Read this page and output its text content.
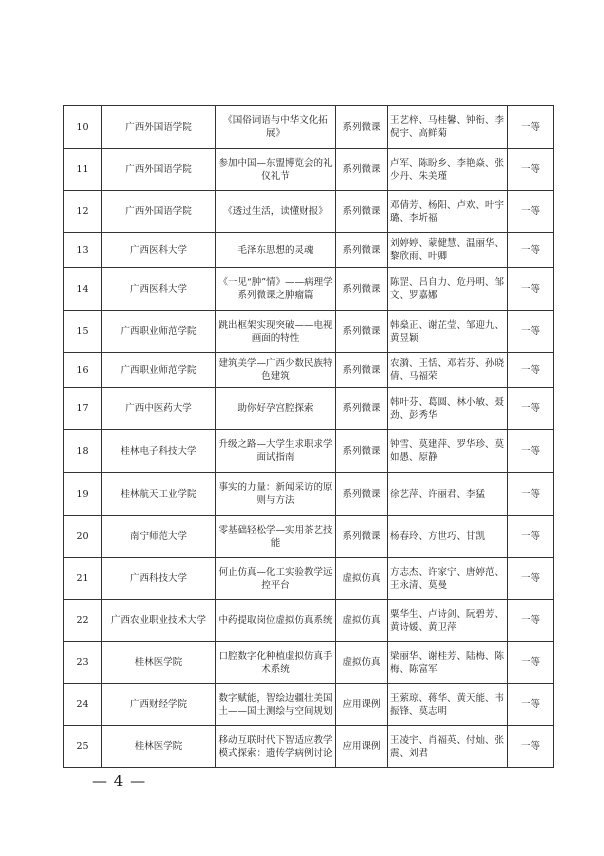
10	广西外国语学院	《国俗词语与中华文化拓展》	系列微课	王艺梓、马桂馨、钟衔、李倪宇、高鲜菊	一等
11	广西外国语学院	参加中国—东盟博览会的礼仪礼节	系列微课	卢军、陈盼乡、李艳焱、张少丹、朱美瑾	一等
12	广西外国语学院	《透过生活，读懂财报》	系列微课	邓倩芳、杨阳、卢欢、叶宇璐、李圻福	一等
13	广西医科大学	毛泽东思想的灵魂	系列微课	刘婷婷、蒙健慧、温丽华、黎欣雨、叶卿	一等
14	广西医科大学	《一见“肿”情》——病理学系列微课之肿瘤篇	系列微课	陈罡、吕自力、危丹明、邹文、罗嘉娜	一等
15	广西职业师范学院	跳出框架实现突破——电视画面的特性	系列微课	韩燊正、谢芷莹、邹迎九、黄昱颖	一等
16	广西职业师范学院	建筑美学—广西少数民族特色建筑	系列微课	农漪、王恬、邓若芬、孙晓倩、马福荣	一等
17	广西中医药大学	助你好孕宫腔探索	系列微课	韩叶芬、葛圆、林小敏、聂劲、彭秀华	一等
18	桂林电子科技大学	升级之路—大学生求职求学面试指南	系列微课	钟雪、莫建萍、罗华珍、莫如愚、原静	一等
19	桂林航天工业学院	事实的力量：新闻采访的原则与方法	系列微课	徐艺萍、许丽君、李猛	一等
20	南宁师范大学	零基础轻松学—实用茶艺技能	系列微课	杨春玲、方世巧、甘凯	一等
21	广西科技大学	何止仿真—化工实验教学远控平台	虚拟仿真	方志杰、许家宁、唐婷范、王永清、莫曼	一等
22	广西农业职业技术大学	中药提取岗位虚拟仿真系统	虚拟仿真	粟华生、卢诗剑、阮碧芳、黄诗媛、黄卫萍	一等
23	桂林医学院	口腔数字化种植虚拟仿真手术系统	虚拟仿真	梁丽华、谢桂芳、陆梅、陈梅、陈富军	一等
24	广西财经学院	数字赋能，智绘边疆壮美国土——国土测绘与空间规划	应用课例	王萦琼、蒋华、黄天能、韦振锋、莫志明	一等
25	桂林医学院	移动互联时代下智适应教学模式探索：遗传学病例讨论	应用课例	王凌宇、肖福英、付灿、张震、刘君	一等
— 4 —
